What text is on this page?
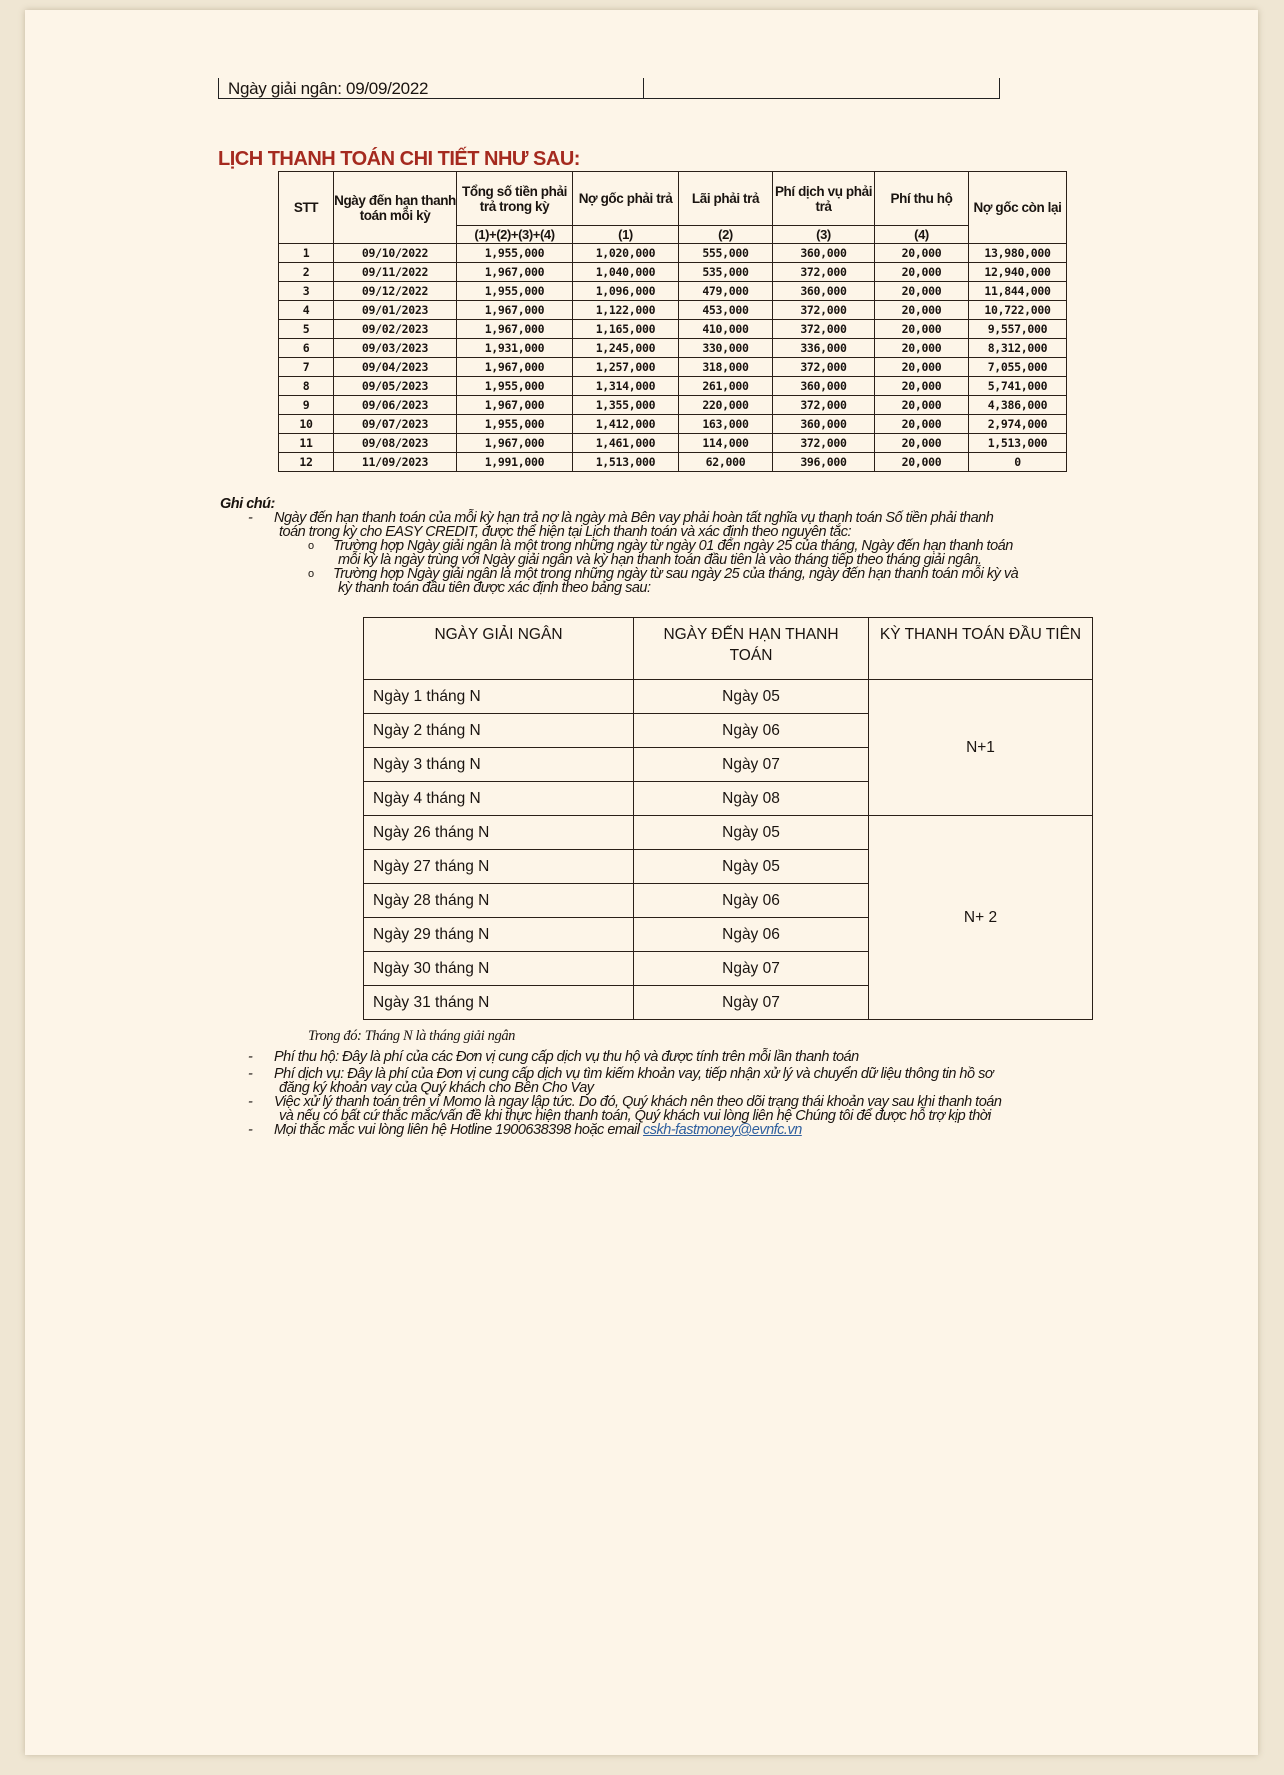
Ngày giải ngân: 09/09/2022
LỊCH THANH TOÁN CHI TIẾT NHƯ SAU:
STT	Ngày đến hạn thanh toán mỗi kỳ	Tổng số tiền phải trả trong kỳ	Nợ gốc phải trả	Lãi phải trả	Phí dịch vụ phải trả	Phí thu hộ	Nợ gốc còn lại
		(1)+(2)+(3)+(4)	(1)	(2)	(3)	(4)	
1	09/10/2022	1,955,000	1,020,000	555,000	360,000	20,000	13,980,000
2	09/11/2022	1,967,000	1,040,000	535,000	372,000	20,000	12,940,000
3	09/12/2022	1,955,000	1,096,000	479,000	360,000	20,000	11,844,000
4	09/01/2023	1,967,000	1,122,000	453,000	372,000	20,000	10,722,000
5	09/02/2023	1,967,000	1,165,000	410,000	372,000	20,000	9,557,000
6	09/03/2023	1,931,000	1,245,000	330,000	336,000	20,000	8,312,000
7	09/04/2023	1,967,000	1,257,000	318,000	372,000	20,000	7,055,000
8	09/05/2023	1,955,000	1,314,000	261,000	360,000	20,000	5,741,000
9	09/06/2023	1,967,000	1,355,000	220,000	372,000	20,000	4,386,000
10	09/07/2023	1,955,000	1,412,000	163,000	360,000	20,000	2,974,000
11	09/08/2023	1,967,000	1,461,000	114,000	372,000	20,000	1,513,000
12	11/09/2023	1,991,000	1,513,000	62,000	396,000	20,000	0
Ghi chú:
- Ngày đến hạn thanh toán của mỗi kỳ hạn trả nợ là ngày mà Bên vay phải hoàn tất nghĩa vụ thanh toán Số tiền phải thanh
toán trong kỳ cho EASY CREDIT, được thể hiện tại Lịch thanh toán và xác định theo nguyên tắc:
o Trường hợp Ngày giải ngân là một trong những ngày từ ngày 01 đến ngày 25 của tháng, Ngày đến hạn thanh toán
mỗi kỳ là ngày trùng với Ngày giải ngân và kỳ hạn thanh toán đầu tiên là vào tháng tiếp theo tháng giải ngân.
o Trường hợp Ngày giải ngân là một trong những ngày từ sau ngày 25 của tháng, ngày đến hạn thanh toán mỗi kỳ và
kỳ thanh toán đầu tiên được xác định theo bảng sau:
NGÀY GIẢI NGÂN	NGÀY ĐẾN HẠN THANH TOÁN	KỲ THANH TOÁN ĐẦU TIÊN
Ngày 1 tháng N	Ngày 05	N+1
Ngày 2 tháng N	Ngày 06	
Ngày 3 tháng N	Ngày 07	
Ngày 4 tháng N	Ngày 08	
Ngày 26 tháng N	Ngày 05	N+ 2
Ngày 27 tháng N	Ngày 05	
Ngày 28 tháng N	Ngày 06	
Ngày 29 tháng N	Ngày 06	
Ngày 30 tháng N	Ngày 07	
Ngày 31 tháng N	Ngày 07	
Trong đó: Tháng N là tháng giải ngân
- Phí thu hộ: Đây là phí của các Đơn vị cung cấp dịch vụ thu hộ và được tính trên mỗi lần thanh toán
- Phí dịch vụ: Đây là phí của Đơn vị cung cấp dịch vụ tìm kiếm khoản vay, tiếp nhận xử lý và chuyển dữ liệu thông tin hồ sơ
đăng ký khoản vay của Quý khách cho Bên Cho Vay
- Việc xử lý thanh toán trên ví Momo là ngay lập tức. Do đó, Quý khách nên theo dõi trạng thái khoản vay sau khi thanh toán
và nếu có bất cứ thắc mắc/vấn đề khi thực hiện thanh toán, Quý khách vui lòng liên hệ Chúng tôi để được hỗ trợ kịp thời
- Mọi thắc mắc vui lòng liên hệ Hotline 1900638398 hoặc email cskh-fastmoney@evnfc.vn
